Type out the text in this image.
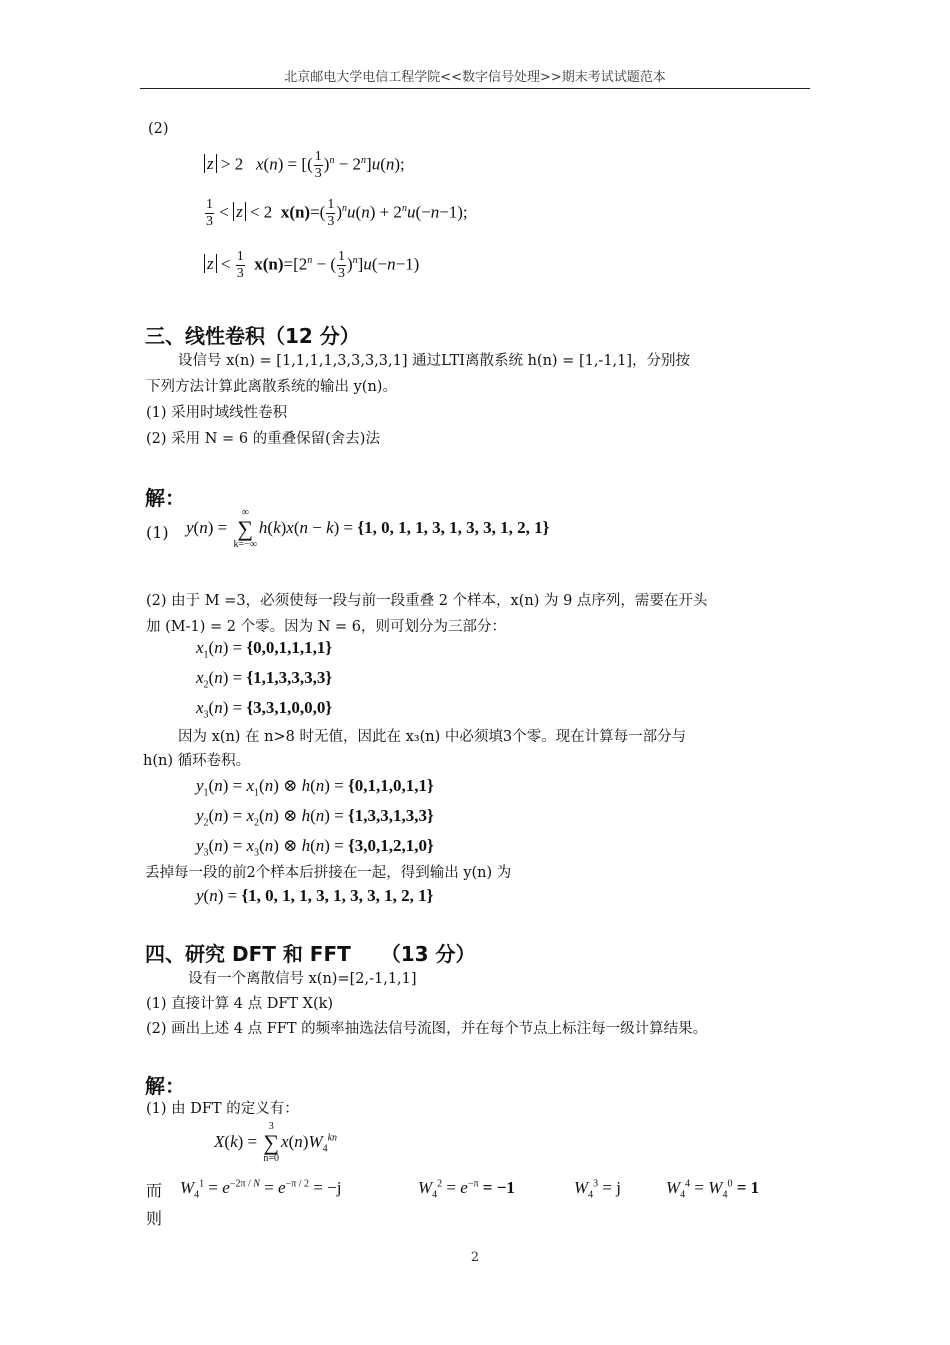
北京邮电大学电信工程学院<<数字信号处理>>期末考试试题范本
(2)
z > 2   x(n) = [( $\frac{1}{3} )^n - 2^n]u(n)$;
$\frac{1}{3} < z < 2$  $x(n)=( \frac{1}{3} )^nu(n) + 2^nu(-n-1)$;
$z < \frac{1}{3} x(n)=[2^n$ − ( $\frac{1}{3} )^n]u(-n-1)$
三、线性卷积（12 分）
设信号 x(n) = [1,1,1,1,3,3,3,3,1] 通过LTI离散系统 h(n) = [1,-1,1]，分别按
下列方法计算此离散系统的输出 y(n)。
(1) 采用时域线性卷积
(2) 采用 N = 6 的重叠保留(舍去)法
解：
(1) y(n) =
∞
∑
k=−∞
h(k)x(n − k) = {1, 0, 1, 1, 3, 1, 3, 3, 1, 2, 1}
(2) 由于 M =3，必须使每一段与前一段重叠 2 个样本，x(n) 为 9 点序列，需要在开头
加 (M-1) = 2 个零。因为 N = 6，则可划分为三部分：
$x_1(n) = \{0,0,1,1,1,1\}$
$x_2(n) = \{1,1,3,3,3,3\}$
$x_3(n) = \{3,3,1,0,0,0\}$
因为 x(n) 在 n>8 时无值，因此在 x₃(n) 中必须填3个零。现在计算每一部分与
h(n) 循环卷积。
$y_1(n) = x_1(n)$ ⊗ h(n) = {0,1,1,0,1,1}
$y_2(n) = x_2(n)$ ⊗ h(n) = {1,3,3,1,3,3}
$y_3(n) = x_3(n)$ ⊗ h(n) = {3,0,1,2,1,0}
丢掉每一段的前2个样本后拼接在一起，得到输出 y(n) 为
y(n) = {1, 0, 1, 1, 3, 1, 3, 3, 1, 2, 1}
四、研究 DFT 和 FFT　　（13 分）
设有一个离散信号 x(n)=[2,-1,1,1]
(1) 直接计算 4 点 DFT X(k)
(2) 画出上述 4 点 FFT 的频率抽选法信号流图，并在每个节点上标注每一级计算结果。
解：
(1) 由 DFT 的定义有：
X(k) =
3
∑
n=0
$x(n)W_4^{kn}$
而 $W_4^1 = e^{-2\pi / N} = e^{-\pi / 2} = -j$	$W_4^2 = e^{-\pi} = -1$	$W_4^3 = j$	$W_4^4 = W_4^0 = 1$
则
2
